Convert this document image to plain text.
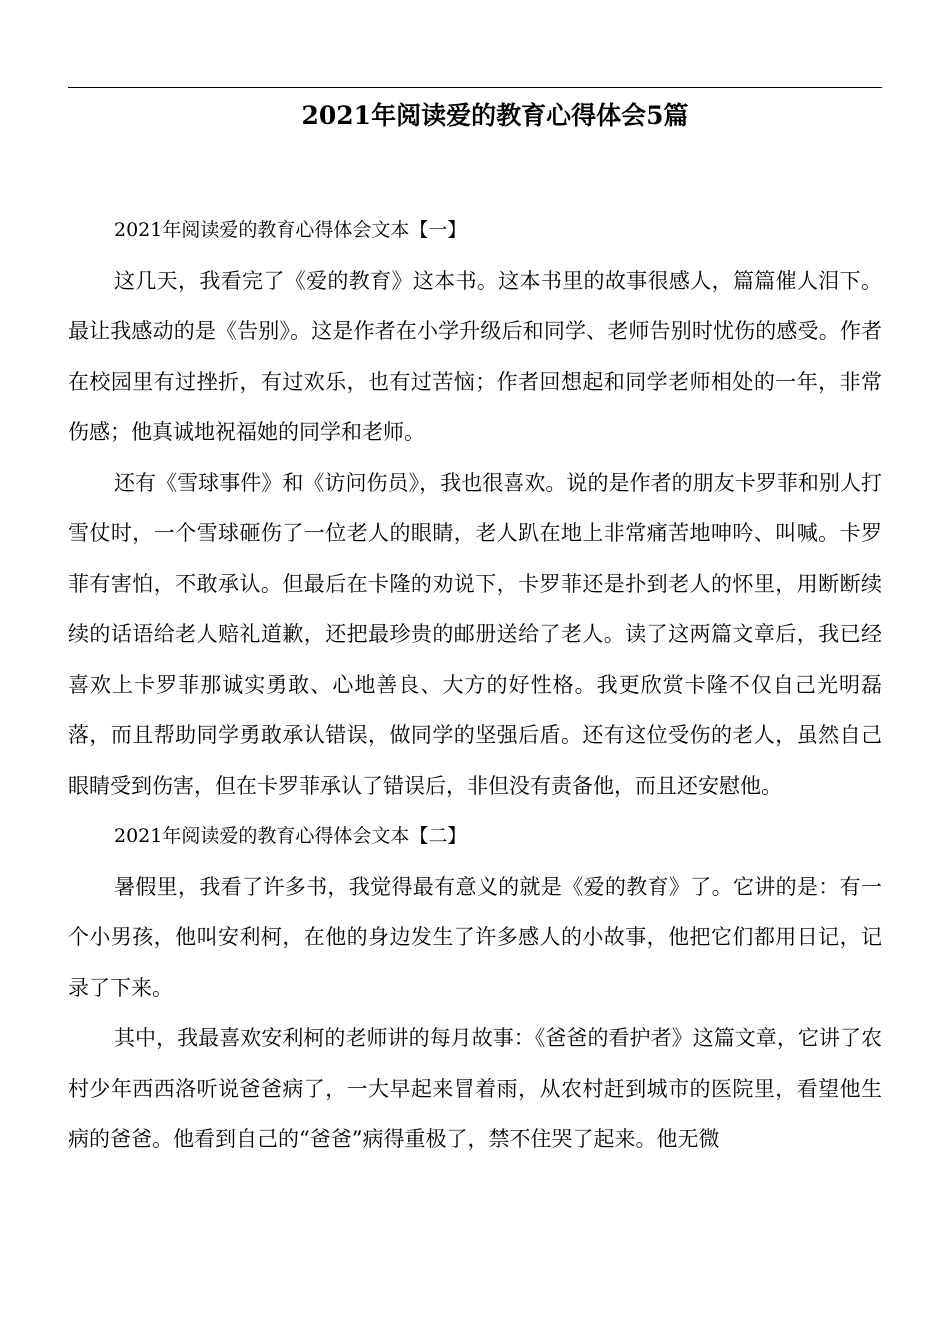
2021年阅读爱的教育心得体会5篇

2021年阅读爱的教育心得体会文本【一】

这几天，我看完了《爱的教育》这本书。这本书里的故事很感人，篇篇催人泪下。最让我感动的是《告别》。这是作者在小学升级后和同学、老师告别时忧伤的感受。作者在校园里有过挫折，有过欢乐，也有过苦恼；作者回想起和同学老师相处的一年，非常伤感；他真诚地祝福她的同学和老师。

还有《雪球事件》和《访问伤员》，我也很喜欢。说的是作者的朋友卡罗菲和别人打雪仗时，一个雪球砸伤了一位老人的眼睛，老人趴在地上非常痛苦地呻吟、叫喊。卡罗菲有害怕，不敢承认。但最后在卡隆的劝说下，卡罗菲还是扑到老人的怀里，用断断续续的话语给老人赔礼道歉，还把最珍贵的邮册送给了老人。读了这两篇文章后，我已经喜欢上卡罗菲那诚实勇敢、心地善良、大方的好性格。我更欣赏卡隆不仅自己光明磊落，而且帮助同学勇敢承认错误，做同学的坚强后盾。还有这位受伤的老人，虽然自己眼睛受到伤害，但在卡罗菲承认了错误后，非但没有责备他，而且还安慰他。

2021年阅读爱的教育心得体会文本【二】

暑假里，我看了许多书，我觉得最有意义的就是《爱的教育》了。它讲的是：有一个小男孩，他叫安利柯，在他的身边发生了许多感人的小故事，他把它们都用日记，记录了下来。

其中，我最喜欢安利柯的老师讲的每月故事：《爸爸的看护者》这篇文章，它讲了农村少年西西洛听说爸爸病了，一大早起来冒着雨，从农村赶到城市的医院里，看望他生病的爸爸。他看到自己的“爸爸”病得重极了，禁不住哭了起来。他无微
